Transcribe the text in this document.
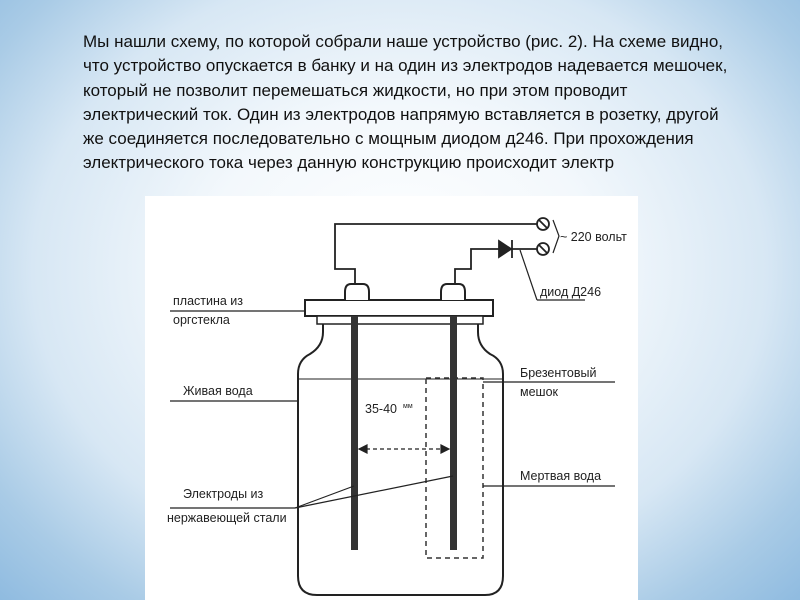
Мы нашли схему, по которой собрали наше устройство (рис. 2). На схеме видно, что устройство опускается в банку и на один из электродов надевается мешочек, который не позволит перемешаться жидкости, но при этом проводит электрический ток. Один из электродов напрямую вставляется в розетку, другой же соединяется последовательно с мощным диодом д246. При прохождения электрического тока через данную конструкцию происходит электр

~ 220 вольт
диод Д246
пластина из
оргстекла
Живая вода
Брезентовый
мешок
35-40 мм
Мертвая вода
Электроды из
нержавеющей стали
